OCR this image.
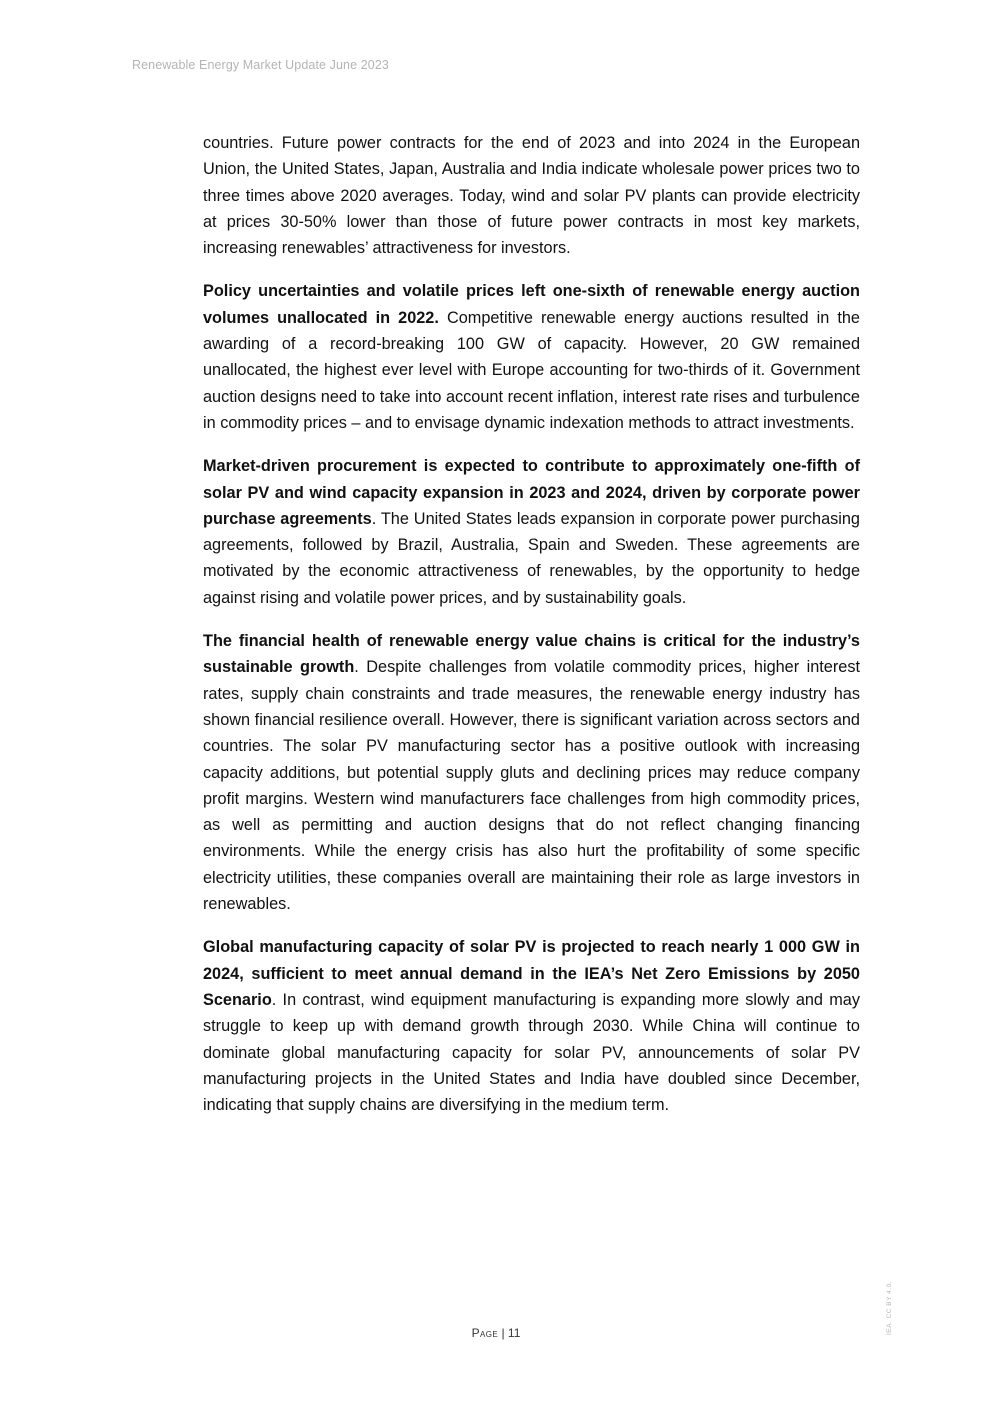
Renewable Energy Market Update June 2023

countries. Future power contracts for the end of 2023 and into 2024 in the European Union, the United States, Japan, Australia and India indicate wholesale power prices two to three times above 2020 averages. Today, wind and solar PV plants can provide electricity at prices 30-50% lower than those of future power contracts in most key markets, increasing renewables’ attractiveness for investors.

Policy uncertainties and volatile prices left one-sixth of renewable energy auction volumes unallocated in 2022. Competitive renewable energy auctions resulted in the awarding of a record-breaking 100 GW of capacity. However, 20 GW remained unallocated, the highest ever level with Europe accounting for two-thirds of it. Government auction designs need to take into account recent inflation, interest rate rises and turbulence in commodity prices – and to envisage dynamic indexation methods to attract investments.

Market-driven procurement is expected to contribute to approximately one-fifth of solar PV and wind capacity expansion in 2023 and 2024, driven by corporate power purchase agreements. The United States leads expansion in corporate power purchasing agreements, followed by Brazil, Australia, Spain and Sweden. These agreements are motivated by the economic attractiveness of renewables, by the opportunity to hedge against rising and volatile power prices, and by sustainability goals.

The financial health of renewable energy value chains is critical for the industry’s sustainable growth. Despite challenges from volatile commodity prices, higher interest rates, supply chain constraints and trade measures, the renewable energy industry has shown financial resilience overall. However, there is significant variation across sectors and countries. The solar PV manufacturing sector has a positive outlook with increasing capacity additions, but potential supply gluts and declining prices may reduce company profit margins. Western wind manufacturers face challenges from high commodity prices, as well as permitting and auction designs that do not reflect changing financing environments. While the energy crisis has also hurt the profitability of some specific electricity utilities, these companies overall are maintaining their role as large investors in renewables.

Global manufacturing capacity of solar PV is projected to reach nearly 1 000 GW in 2024, sufficient to meet annual demand in the IEA’s Net Zero Emissions by 2050 Scenario. In contrast, wind equipment manufacturing is expanding more slowly and may struggle to keep up with demand growth through 2030. While China will continue to dominate global manufacturing capacity for solar PV, announcements of solar PV manufacturing projects in the United States and India have doubled since December, indicating that supply chains are diversifying in the medium term.

Page | 11	IEA. CC BY 4.0.
